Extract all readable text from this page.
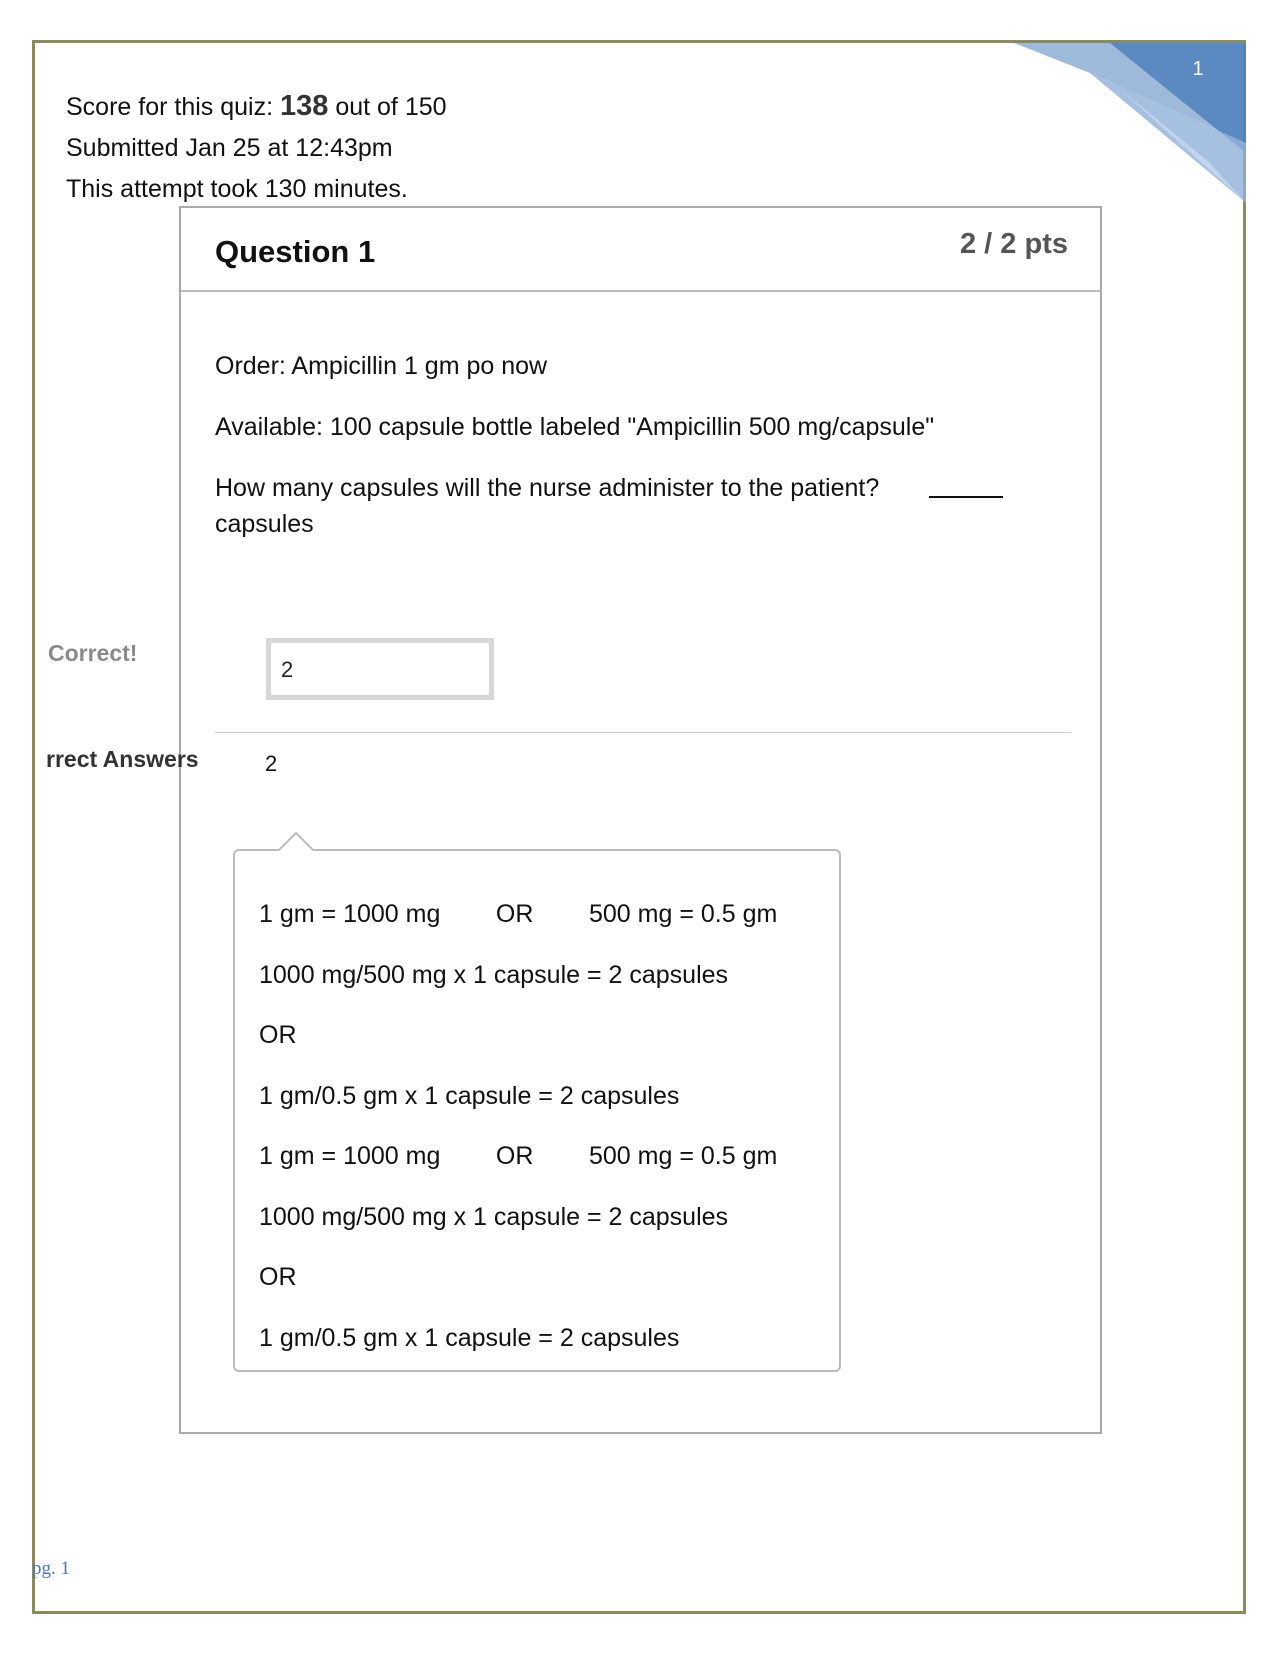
1
Score for this quiz: 138 out of 150
Submitted Jan 25 at 12:43pm
This attempt took 130 minutes.
Question 1	2 / 2 pts

Order: Ampicillin 1 gm po now

Available: 100 capsule bottle labeled "Ampicillin 500 mg/capsule"

How many capsules will the nurse administer to the patient?
capsules

2
2
1 gm = 1000 mg        OR        500 mg = 0.5 gm
1000 mg/500 mg x 1 capsule = 2 capsules
OR
1 gm/0.5 gm x 1 capsule = 2 capsules
1 gm = 1000 mg        OR        500 mg = 0.5 gm
1000 mg/500 mg x 1 capsule = 2 capsules
OR
1 gm/0.5 gm x 1 capsule = 2 capsules
Correct!
rrect Answers
pg. 1
